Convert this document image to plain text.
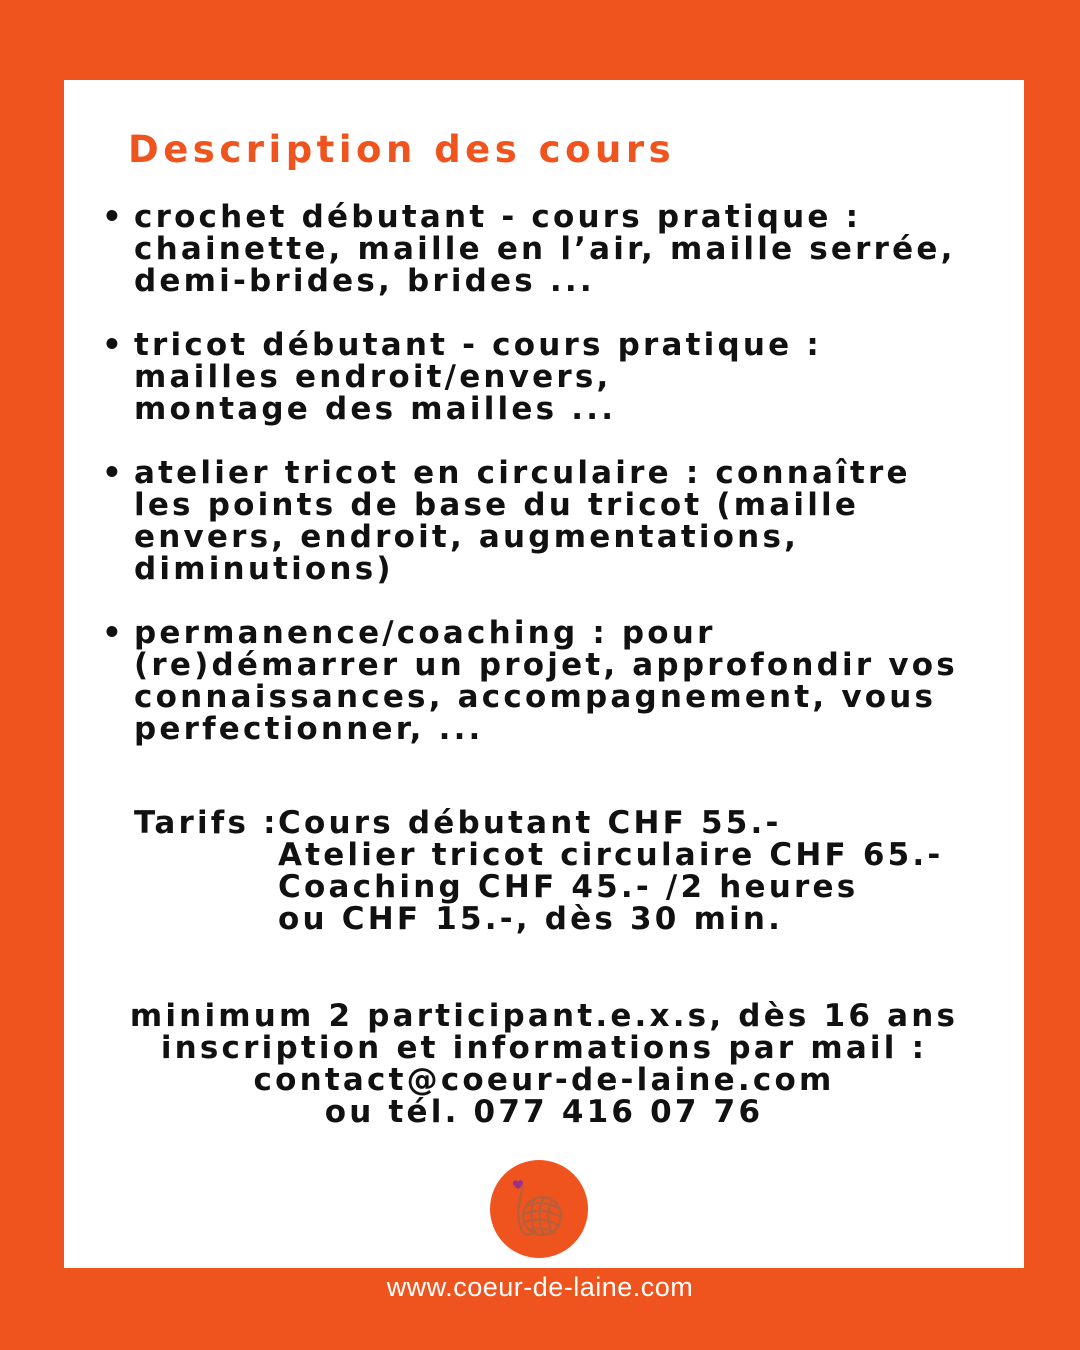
Description des cours
• crochet débutant - cours pratique :
chainette, maille en l’air, maille serrée,
demi-brides, brides ...
• tricot débutant - cours pratique :
mailles endroit/envers,
montage des mailles ...
• atelier tricot en circulaire : connaître
les points de base du tricot (maille
envers, endroit, augmentations,
diminutions)
• permanence/coaching : pour
(re)démarrer un projet, approfondir vos
connaissances, accompagnement, vous
perfectionner, ...
Tarifs : Cours débutant CHF 55.-
Atelier tricot circulaire CHF 65.-
Coaching CHF 45.- /2 heures
ou CHF 15.-, dès 30 min.
minimum 2 participant.e.x.s, dès 16 ans
inscription et informations par mail :
contact@coeur-de-laine.com
ou tél. 077 416 07 76
www.coeur-de-laine.com
